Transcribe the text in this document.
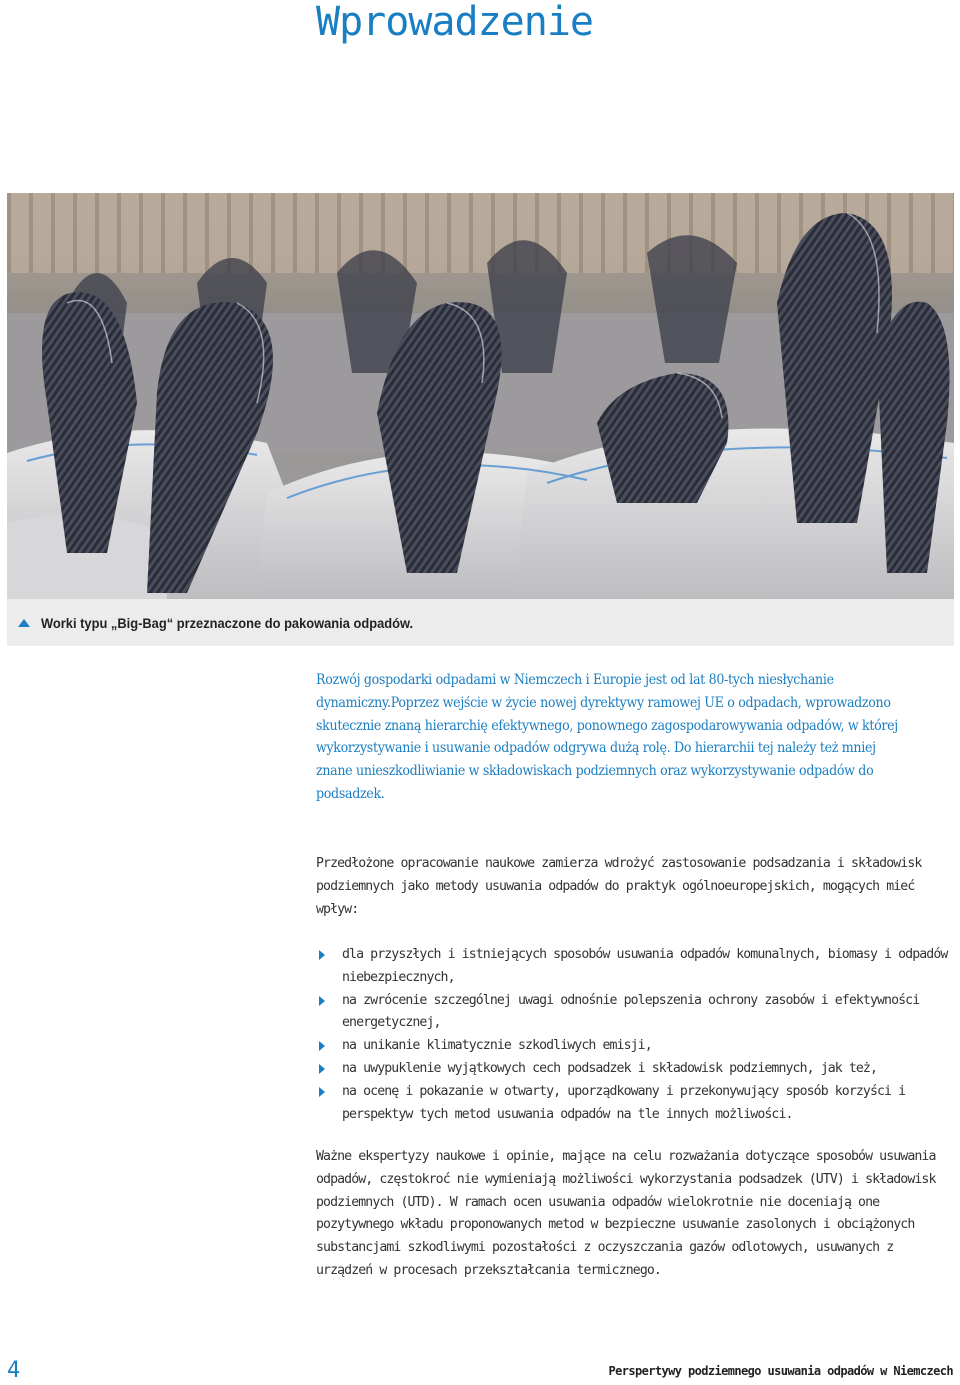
Wprowadzenie
Worki typu „Big-Bag“ przeznaczone do pakowania odpadów.

Rozwój gospodarki odpadami w Niemczech i Europie jest od lat 80-tych niesłychanie dynamiczny.Poprzez wejście w życie nowej dyrektywy ramowej UE o odpadach, wprowadzono skutecznie znaną hierarchię efektywnego, ponownego zagospodarowywania odpadów, w której wykorzystywanie i usuwanie odpadów odgrywa dużą rolę. Do hierarchii tej należy też mniej znane unieszkodliwianie w składowiskach podziemnych oraz wykorzystywanie odpadów do podsadzek.

Przedłożone opracowanie naukowe zamierza wdrożyć zastosowanie podsadzania i składowisk podziemnych jako metody usuwania odpadów do praktyk ogólnoeuropejskich, mogących mieć wpływ:

dla przyszłych i istniejących sposobów usuwania odpadów komunalnych, biomasy i odpadów niebezpiecznych,
na zwrócenie szczególnej uwagi odnośnie polepszenia ochrony zasobów i efektywności energetycznej,
na unikanie klimatycznie szkodliwych emisji,
na uwypuklenie wyjątkowych cech podsadzek i składowisk podziemnych, jak też,
na ocenę i pokazanie w otwarty, uporządkowany i przekonywujący sposób korzyści i perspektyw tych metod usuwania odpadów na tle innych możliwości.

Ważne ekspertyzy naukowe i opinie, mające na celu rozważania dotyczące sposobów usuwania odpadów, częstokroć nie wymieniają możliwości wykorzystania podsadzek (UTV) i składowisk podziemnych (UTD). W ramach ocen usuwania odpadów wielokrotnie nie doceniają one pozytywnego wkładu proponowanych metod w bezpieczne usuwanie zasolonych i obciążonych substancjami szkodliwymi pozostałości z oczyszczania gazów odlotowych, usuwanych z urządzeń w procesach przekształcania termicznego.

4	Perspertywy podziemnego usuwania odpadów w Niemczech
